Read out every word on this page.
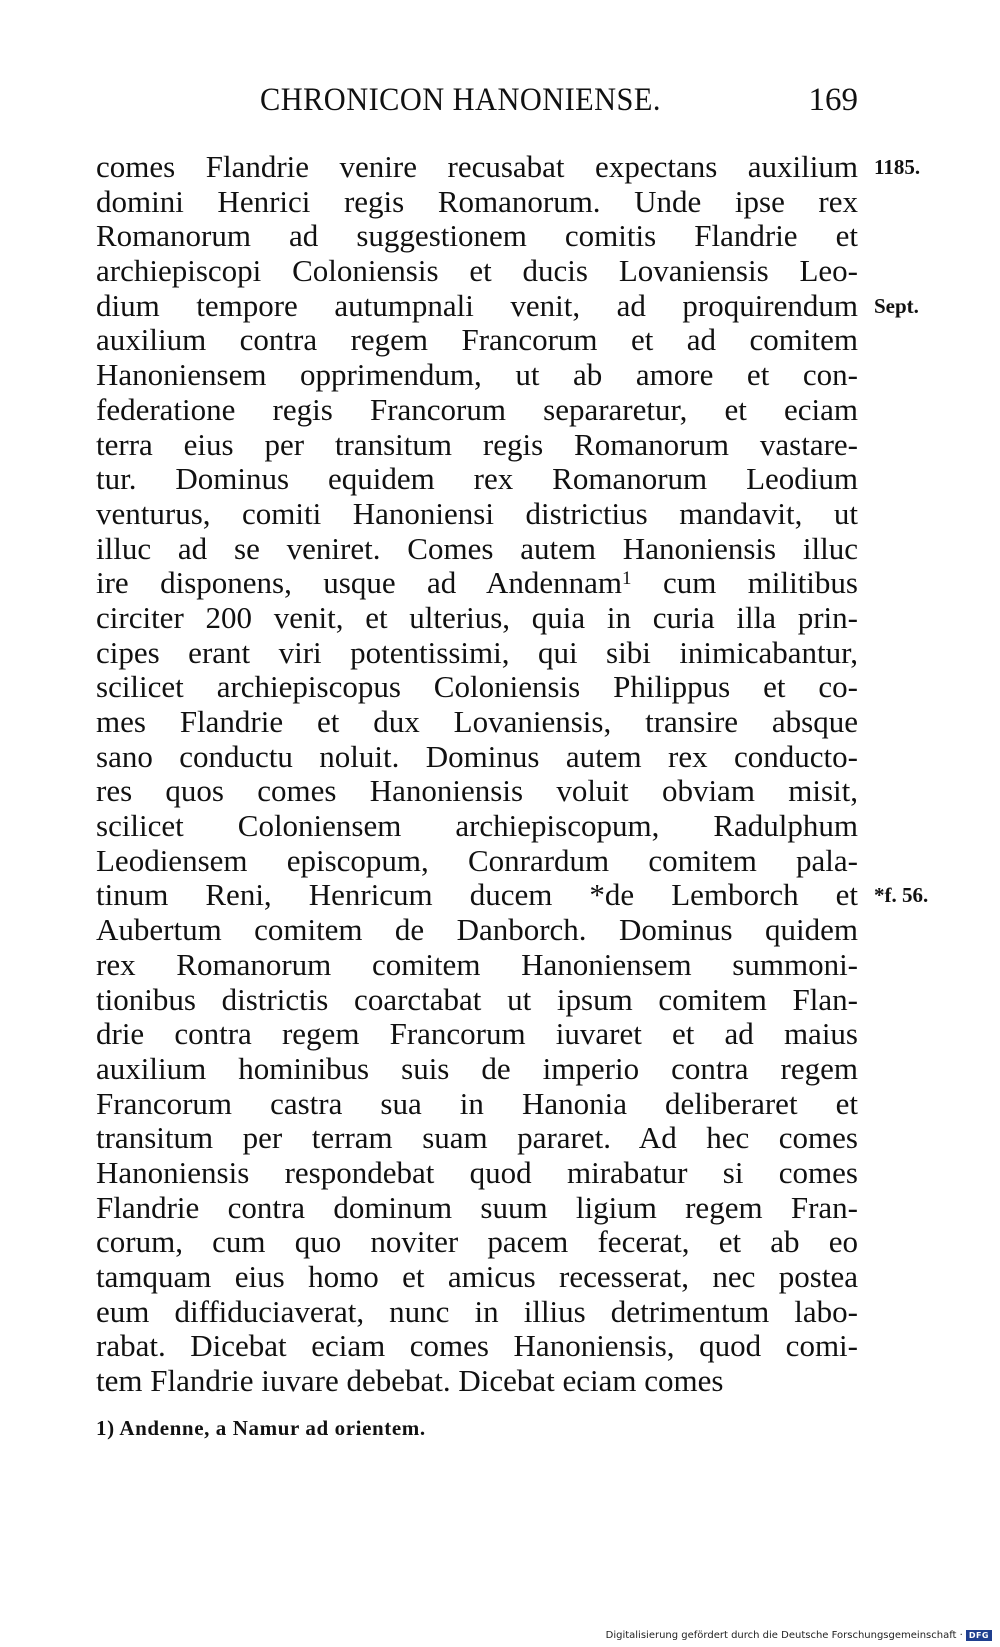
CHRONICON HANONIENSE.	169
comes Flandrie venire recusabat expectans auxilium 1185.
domini Henrici regis Romanorum. Unde ipse rex
Romanorum ad suggestionem comitis Flandrie et
archiepiscopi Coloniensis et ducis Lovaniensis Leo-
dium tempore autumpnali venit, ad proquirendum Sept.
auxilium contra regem Francorum et ad comitem
Hanoniensem opprimendum, ut ab amore et con-
federatione regis Francorum separaretur, et eciam
terra eius per transitum regis Romanorum vastare-
tur. Dominus equidem rex Romanorum Leodium
venturus, comiti Hanoniensi districtius mandavit, ut
illuc ad se veniret. Comes autem Hanoniensis illuc
ire disponens, usque ad Andennam$^1$ cum militibus
circiter 200 venit, et ulterius, quia in curia illa prin-
cipes erant viri potentissimi, qui sibi inimicabantur,
scilicet archiepiscopus Coloniensis Philippus et co-
mes Flandrie et dux Lovaniensis, transire absque
sano conductu noluit. Dominus autem rex conducto-
res quos comes Hanoniensis voluit obviam misit,
scilicet Coloniensem archiepiscopum, Radulphum
Leodiensem episcopum, Conrardum comitem pala-
tinum Reni, Henricum ducem *de Lemborch et *f. 56.
Aubertum comitem de Danborch. Dominus quidem
rex Romanorum comitem Hanoniensem summoni-
tionibus districtis coarctabat ut ipsum comitem Flan-
drie contra regem Francorum iuvaret et ad maius
auxilium hominibus suis de imperio contra regem
Francorum castra sua in Hanonia deliberaret et
transitum per terram suam pararet. Ad hec comes
Hanoniensis respondebat quod mirabatur si comes
Flandrie contra dominum suum ligium regem Fran-
corum, cum quo noviter pacem fecerat, et ab eo
tamquam eius homo et amicus recesserat, nec postea
eum diffiduciaverat, nunc in illius detrimentum labo-
rabat. Dicebat eciam comes Hanoniensis, quod comi-
tem Flandrie iuvare debebat. Dicebat eciam comes
1) Andenne, a Namur ad orientem.
Digitalisierung gefördert durch die Deutsche Forschungsgemeinschaft · DFG
